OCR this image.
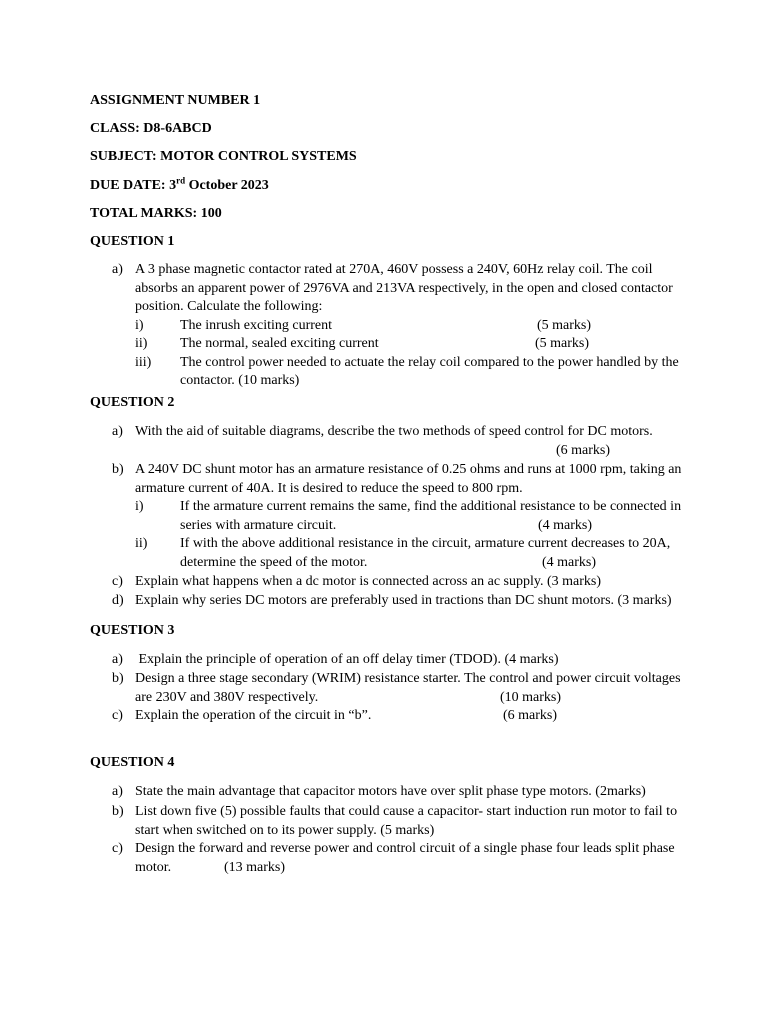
ASSIGNMENT NUMBER 1
CLASS: D8-6ABCD
SUBJECT: MOTOR CONTROL SYSTEMS
DUE DATE: 3rd October 2023
TOTAL MARKS: 100
QUESTION 1
a) A 3 phase magnetic contactor rated at 270A, 460V possess a 240V, 60Hz relay coil. The coil
absorbs an apparent power of 2976VA and 213VA respectively, in the open and closed contactor
position. Calculate the following:
i)	The inrush exciting current	(5 marks)
ii) The normal, sealed exciting current	(5 marks)
iii) The control power needed to actuate the relay coil compared to the power handled by the
contactor. (10 marks)
QUESTION 2
a) With the aid of suitable diagrams, describe the two methods of speed control for DC motors.
(6 marks)
b) A 240V DC shunt motor has an armature resistance of 0.25 ohms and runs at 1000 rpm, taking an
armature current of 40A. It is desired to reduce the speed to 800 rpm.
i)	If the armature current remains the same, find the additional resistance to be connected in
series with armature circuit.	(4 marks)
ii) If with the above additional resistance in the circuit, armature current decreases to 20A,
determine the speed of the motor.	(4 marks)
c) Explain what happens when a dc motor is connected across an ac supply. (3 marks)
d) Explain why series DC motors are preferably used in tractions than DC shunt motors. (3 marks)
QUESTION 3
a) Explain the principle of operation of an off delay timer (TDOD). (4 marks)
b) Design a three stage secondary (WRIM) resistance starter. The control and power circuit voltages
are 230V and 380V respectively.	(10 marks)
c) Explain the operation of the circuit in “b”.	(6 marks)
QUESTION 4
a) State the main advantage that capacitor motors have over split phase type motors. (2marks)
b) List down five (5) possible faults that could cause a capacitor- start induction run motor to fail to
start when switched on to its power supply. (5 marks)
c) Design the forward and reverse power and control circuit of a single phase four leads split phase
motor.	(13 marks)
